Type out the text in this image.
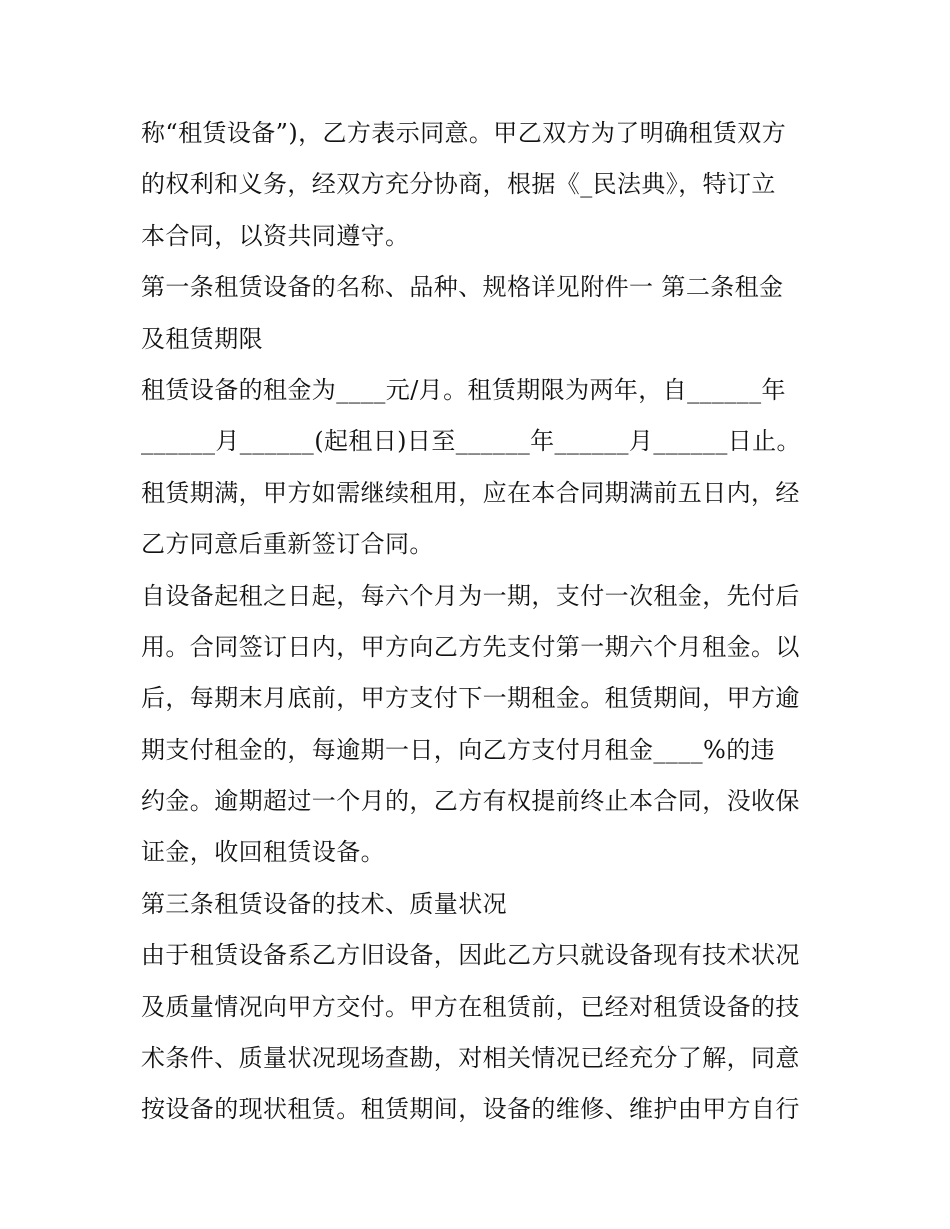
称“租赁设备”)，乙方表示同意。甲乙双方为了明确租赁双方
的权利和义务，经双方充分协商，根据《_民法典》，特订立
本合同，以资共同遵守。
第一条租赁设备的名称、品种、规格详见附件一 第二条租金
及租赁期限
租赁设备的租金为____元/月。租赁期限为两年，自______年
______月______(起租日)日至______年______月______日止。
租赁期满，甲方如需继续租用，应在本合同期满前五日内，经
乙方同意后重新签订合同。
自设备起租之日起，每六个月为一期，支付一次租金，先付后
用。合同签订日内，甲方向乙方先支付第一期六个月租金。以
后，每期末月底前，甲方支付下一期租金。租赁期间，甲方逾
期支付租金的，每逾期一日，向乙方支付月租金____%的违
约金。逾期超过一个月的，乙方有权提前终止本合同，没收保
证金，收回租赁设备。
第三条租赁设备的技术、质量状况
由于租赁设备系乙方旧设备，因此乙方只就设备现有技术状况
及质量情况向甲方交付。甲方在租赁前，已经对租赁设备的技
术条件、质量状况现场查勘，对相关情况已经充分了解，同意
按设备的现状租赁。租赁期间，设备的维修、维护由甲方自行
